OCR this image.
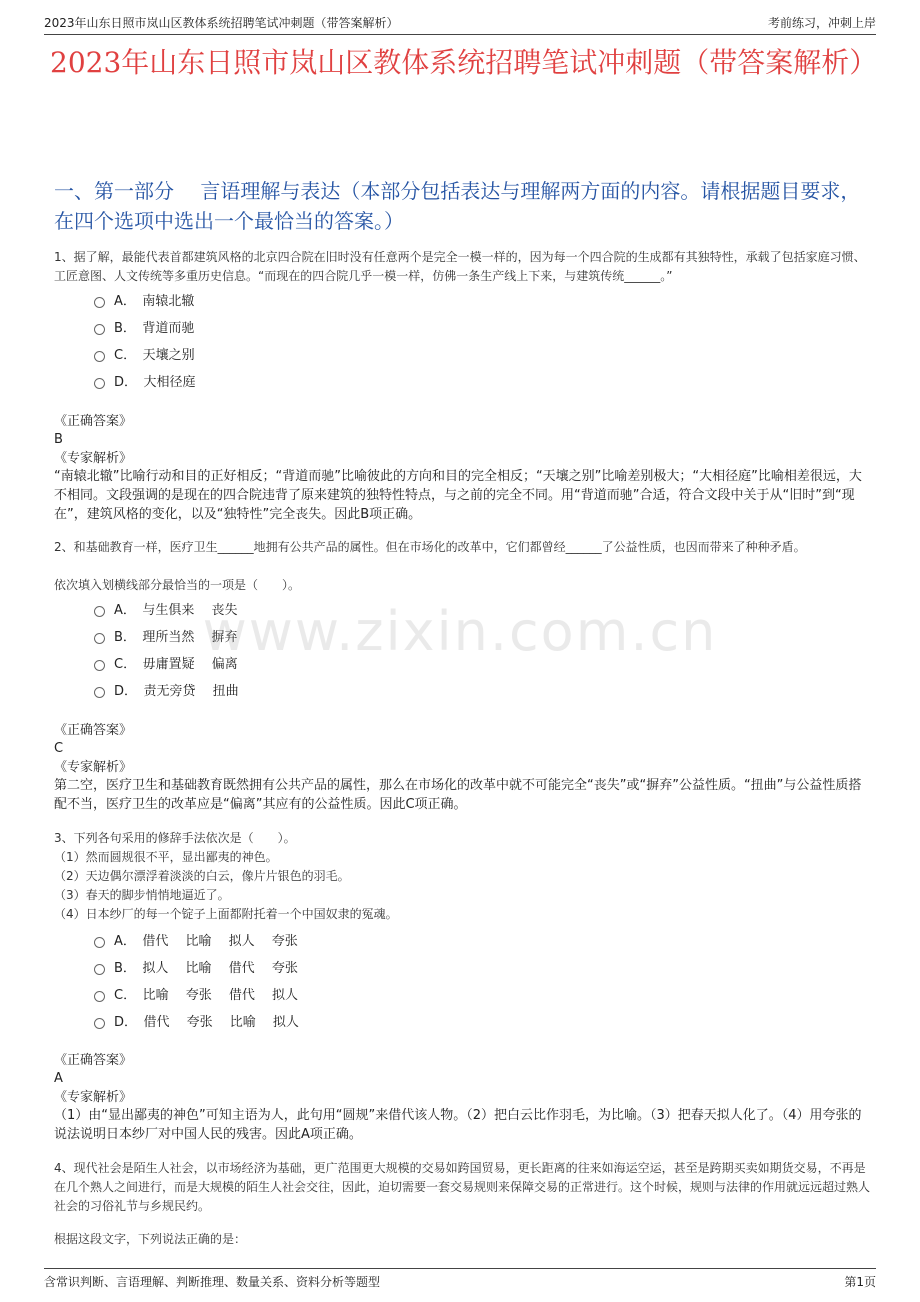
2023年山东日照市岚山区教体系统招聘笔试冲刺题（带答案解析）	考前练习，冲刺上岸
2023年山东日照市岚山区教体系统招聘笔试冲刺题（带答案解析）
一、第一部分　 言语理解与表达（本部分包括表达与理解两方面的内容。请根据题目要求，在四个选项中选出一个最恰当的答案。）
1、据了解，最能代表首都建筑风格的北京四合院在旧时没有任意两个是完全一模一样的，因为每一个四合院的生成都有其独特性，承载了包括家庭习惯、工匠意图、人文传统等多重历史信息。“而现在的四合院几乎一模一样，仿佛一条生产线上下来，与建筑传统______。”
A．　南辕北辙
B．　背道而驰
C．　天壤之别
D．　大相径庭
《正确答案》
B
《专家解析》
“南辕北辙”比喻行动和目的正好相反；“背道而驰”比喻彼此的方向和目的完全相反；“天壤之别”比喻差别极大；“大相径庭”比喻相差很远，大不相同。文段强调的是现在的四合院违背了原来建筑的独特性特点，与之前的完全不同。用“背道而驰”合适，符合文段中关于从“旧时”到“现在”，建筑风格的变化，以及“独特性”完全丧失。因此B项正确。
2、和基础教育一样，医疗卫生______地拥有公共产品的属性。但在市场化的改革中，它们都曾经______了公益性质，也因而带来了种种矛盾。
依次填入划横线部分最恰当的一项是（　　）。
A．　与生俱来　 丧失
B．　理所当然　 摒弃
C．　毋庸置疑　 偏离
D．　责无旁贷　 扭曲
《正确答案》
C
《专家解析》
第二空，医疗卫生和基础教育既然拥有公共产品的属性，那么在市场化的改革中就不可能完全“丧失”或“摒弃”公益性质。“扭曲”与公益性质搭配不当，医疗卫生的改革应是“偏离”其应有的公益性质。因此C项正确。
www.zixin.com.cn
3、下列各句采用的修辞手法依次是（　　）。
（1）然而圆规很不平，显出鄙夷的神色。
（2）天边偶尔漂浮着淡淡的白云，像片片银色的羽毛。
（3）春天的脚步悄悄地逼近了。
（4）日本纱厂的每一个锭子上面都附托着一个中国奴隶的冤魂。
A．　借代　 比喻　 拟人　 夸张
B．　拟人　 比喻　 借代　 夸张
C．　比喻　 夸张　 借代　 拟人
D．　借代　 夸张　 比喻　 拟人
《正确答案》
A
《专家解析》
（1）由“显出鄙夷的神色”可知主语为人，此句用“圆规”来借代该人物。（2）把白云比作羽毛，为比喻。（3）把春天拟人化了。（4）用夸张的说法说明日本纱厂对中国人民的残害。因此A项正确。
4、现代社会是陌生人社会，以市场经济为基础，更广范围更大规模的交易如跨国贸易，更长距离的往来如海运空运，甚至是跨期买卖如期货交易，不再是在几个熟人之间进行，而是大规模的陌生人社会交往，因此，迫切需要一套交易规则来保障交易的正常进行。这个时候，规则与法律的作用就远远超过熟人社会的习俗礼节与乡规民约。
根据这段文字，下列说法正确的是：
含常识判断、言语理解、判断推理、数量关系、资料分析等题型	第1页
